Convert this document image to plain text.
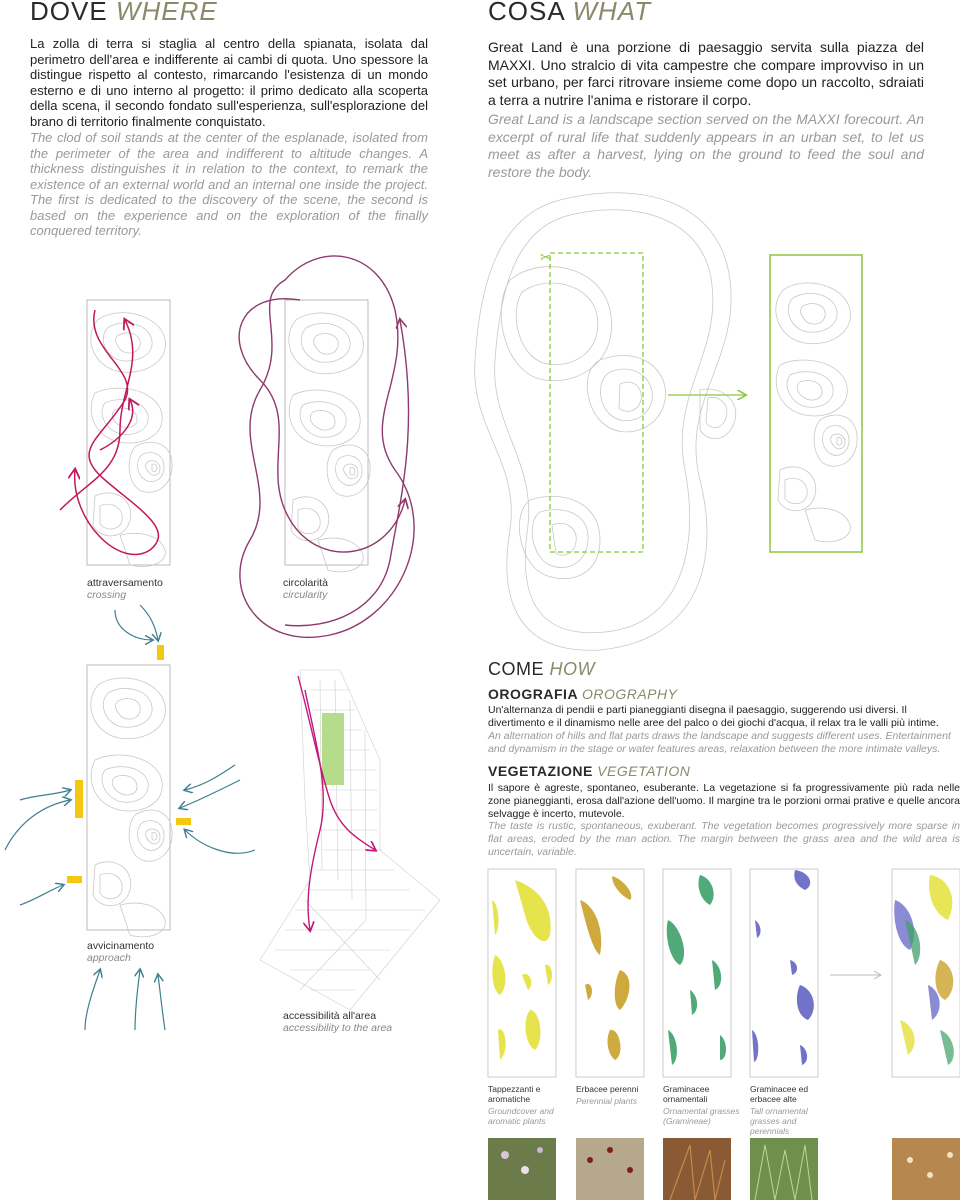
DOVE WHERE

La zolla di terra si staglia al centro della spianata, isolata dal perimetro dell'area e indifferente ai cambi di quota. Uno spessore la distingue rispetto al contesto, rimarcando l'esistenza di un mondo esterno e di uno interno al progetto: il primo dedicato alla scoperta della scena, il secondo fondato sull'esperienza, sull'esplorazione del brano di territorio finalmente conquistato.

The clod of soil stands at the center of the esplanade, isolated from the perimeter of the area and indifferent to altitude changes. A thickness distinguishes it in relation to the context, to remark the existence of an external world and an internal one inside the project. The first is dedicated to the discovery of the scene, the second is based on the experience and on the exploration of the finally conquered territory.

COSA WHAT

Great Land è una porzione di paesaggio servita sulla piazza del MAXXI. Uno stralcio di vita campestre che compare improvviso in un set urbano, per farci ritrovare insieme come dopo un raccolto, sdraiati a terra a nutrire l'anima e ristorare il corpo.

Great Land is a landscape section served on the MAXXI forecourt. An excerpt of rural life that suddenly appears in an urban set, to let us meet as after a harvest, lying on the ground to feed the soul and restore the body.

✂
attraversamento
crossing
circolarità
circularity
avvicinamento
approach
accessibilità all'area
accessibility to the area
COME HOW
OROGRAFIA OROGRAPHY

Un'alternanza di pendii e parti pianeggianti disegna il paesaggio, suggerendo usi diversi. Il divertimento e il dinamismo nelle aree del palco o dei giochi d'acqua, il relax tra le valli più intime.

An alternation of hills and flat parts draws the landscape and suggests different uses. Entertainment and dynamism in the stage or water features areas, relaxation between the more intimate valleys.

VEGETAZIONE VEGETATION

Il sapore è agreste, spontaneo, esuberante. La vegetazione si fa progressivamente più rada nelle zone pianeggianti, erosa dall'azione dell'uomo. Il margine tra le porzioni ormai prative e quelle ancora selvagge è incerto, mutevole.

The taste is rustic, spontaneous, exuberant. The vegetation becomes progressively more sparse in flat areas, eroded by the man action. The margin between the grass area and the wild area is uncertain, variable.

Tappezzanti e aromatiche
Groundcover and aromatic plants
Erbacee perenni
Perennial plants
Graminacee ornamentali
Ornamental grasses (Gramineae)
Graminacee ed erbacee alte
Tall ornamental grasses and perennials
